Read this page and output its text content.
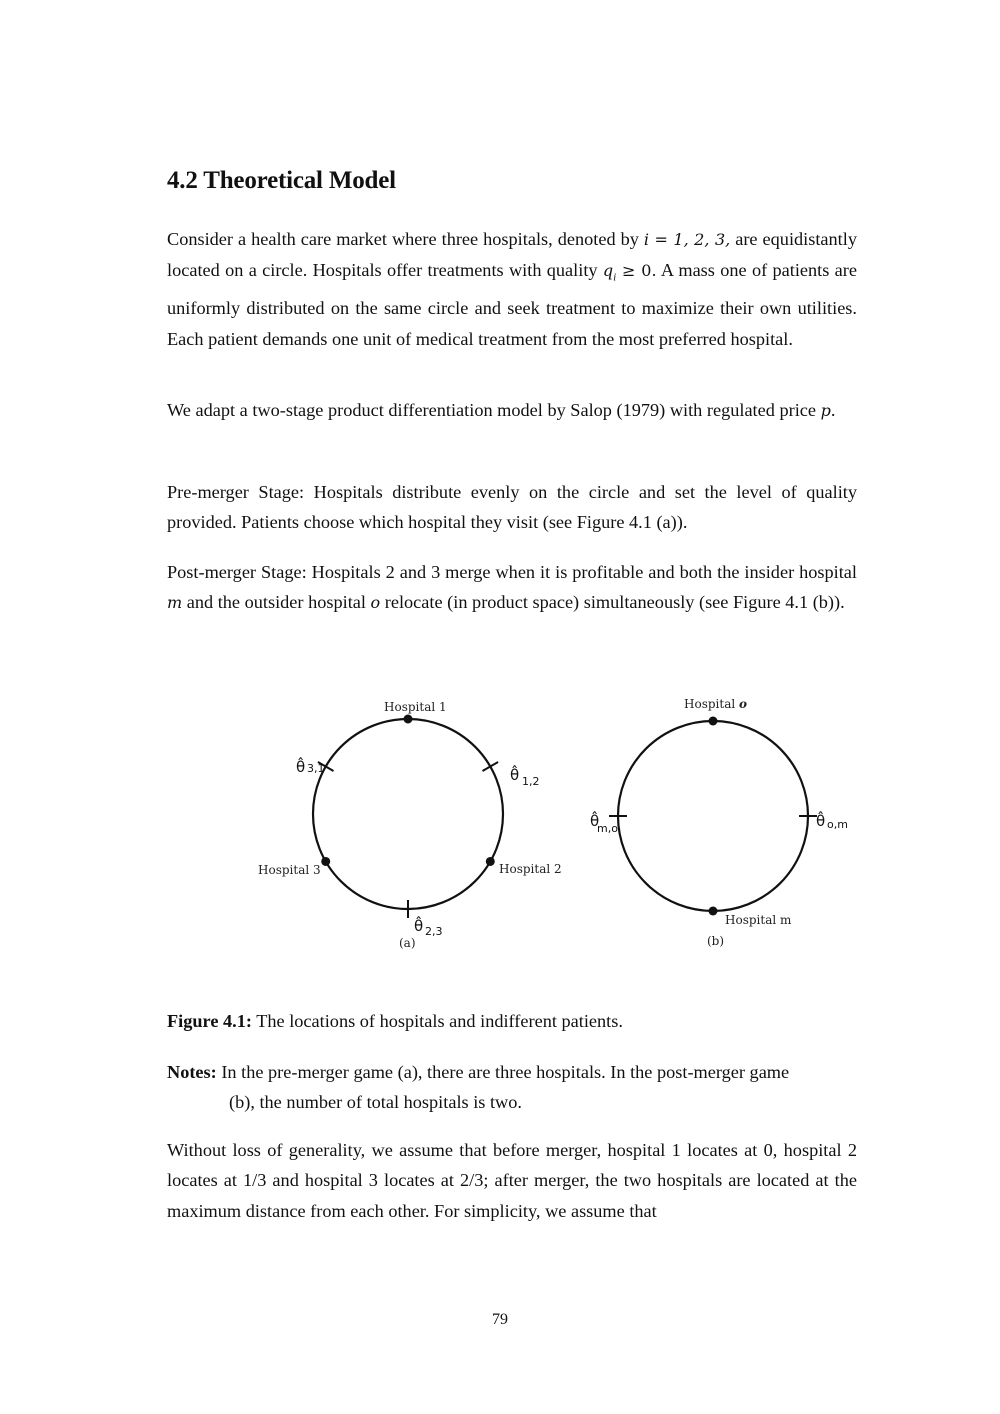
4.2 Theoretical Model

Consider a health care market where three hospitals, denoted by i = 1, 2, 3, are equidistantly located on a circle. Hospitals offer treatments with quality $q_i \ge 0$. A mass one of patients are uniformly distributed on the same circle and seek treatment to maximize their own utilities. Each patient demands one unit of medical treatment from the most preferred hospital.

We adapt a two-stage product differentiation model by Salop (1979) with regulated price p.

Pre-merger Stage: Hospitals distribute evenly on the circle and set the level of quality provided. Patients choose which hospital they visit (see Figure 4.1 (a)).

Post-merger Stage: Hospitals 2 and 3 merge when it is profitable and both the insider hospital m and the outsider hospital o relocate (in product space) simultaneously (see Figure 4.1 (b)).

Figure 4.1: The locations of hospitals and indifferent patients.

Notes: In the pre-merger game (a), there are three hospitals. In the post-merger game
(b), the number of total hospitals is two.

Without loss of generality, we assume that before merger, hospital 1 locates at 0, hospital 2 locates at 1/3 and hospital 3 locates at 2/3; after merger, the two hospitals are located at the maximum distance from each other. For simplicity, we assume that

Hospital 1
Hospital 2
Hospital 3
θ̂ 1,2
θ̂ 2,3
θ̂ 3,1
(a)
Hospital o
Hospital m
θ̂ o,m
θ̂
m,o
(b)
79
